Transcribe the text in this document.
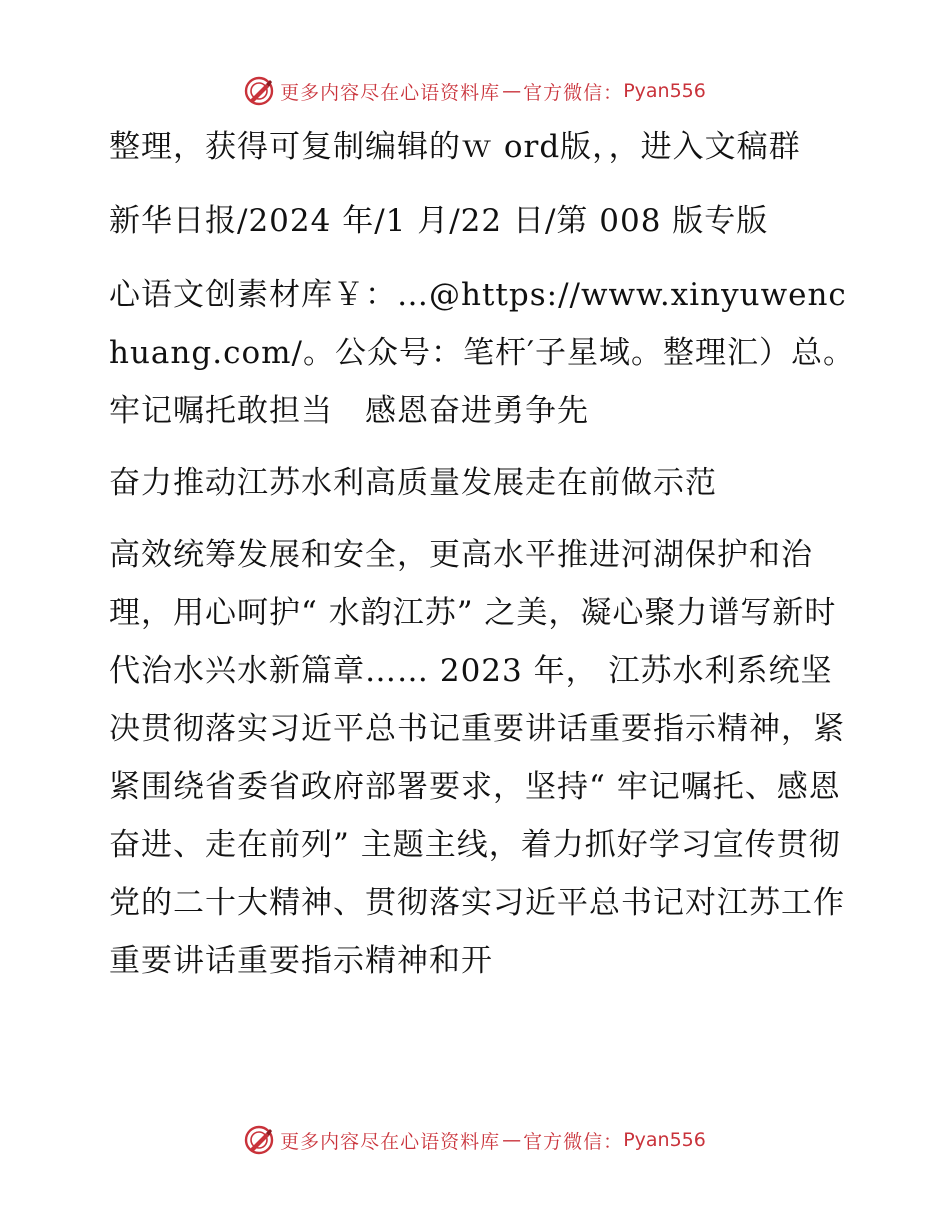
更多内容尽在心语资料库 — 官方微信： Pyan556

整理，获得可复制编辑的ｗ ord版，，进入文稿群

新华日报/2024 年/1 月/22 日/第 008 版专版

心语文创素材库￥：…@https://www.xinyuwenchuang.com/。公众号：笔杆′子星域。整理汇）总。牢记嘱托敢担当　感恩奋进勇争先

奋力推动江苏水利高质量发展走在前做示范

高效统筹发展和安全，更高水平推进河湖保护和治理，用心呵护“ 水韵江苏” 之美，凝心聚力谱写新时代治水兴水新篇章…… 2023 年， 江苏水利系统坚决贯彻落实习近平总书记重要讲话重要指示精神，紧紧围绕省委省政府部署要求，坚持“ 牢记嘱托、感恩奋进、走在前列” 主题主线，着力抓好学习宣传贯彻党的二十大精神、贯彻落实习近平总书记对江苏工作重要讲话重要指示精神和开

更多内容尽在心语资料库 — 官方微信： Pyan556
